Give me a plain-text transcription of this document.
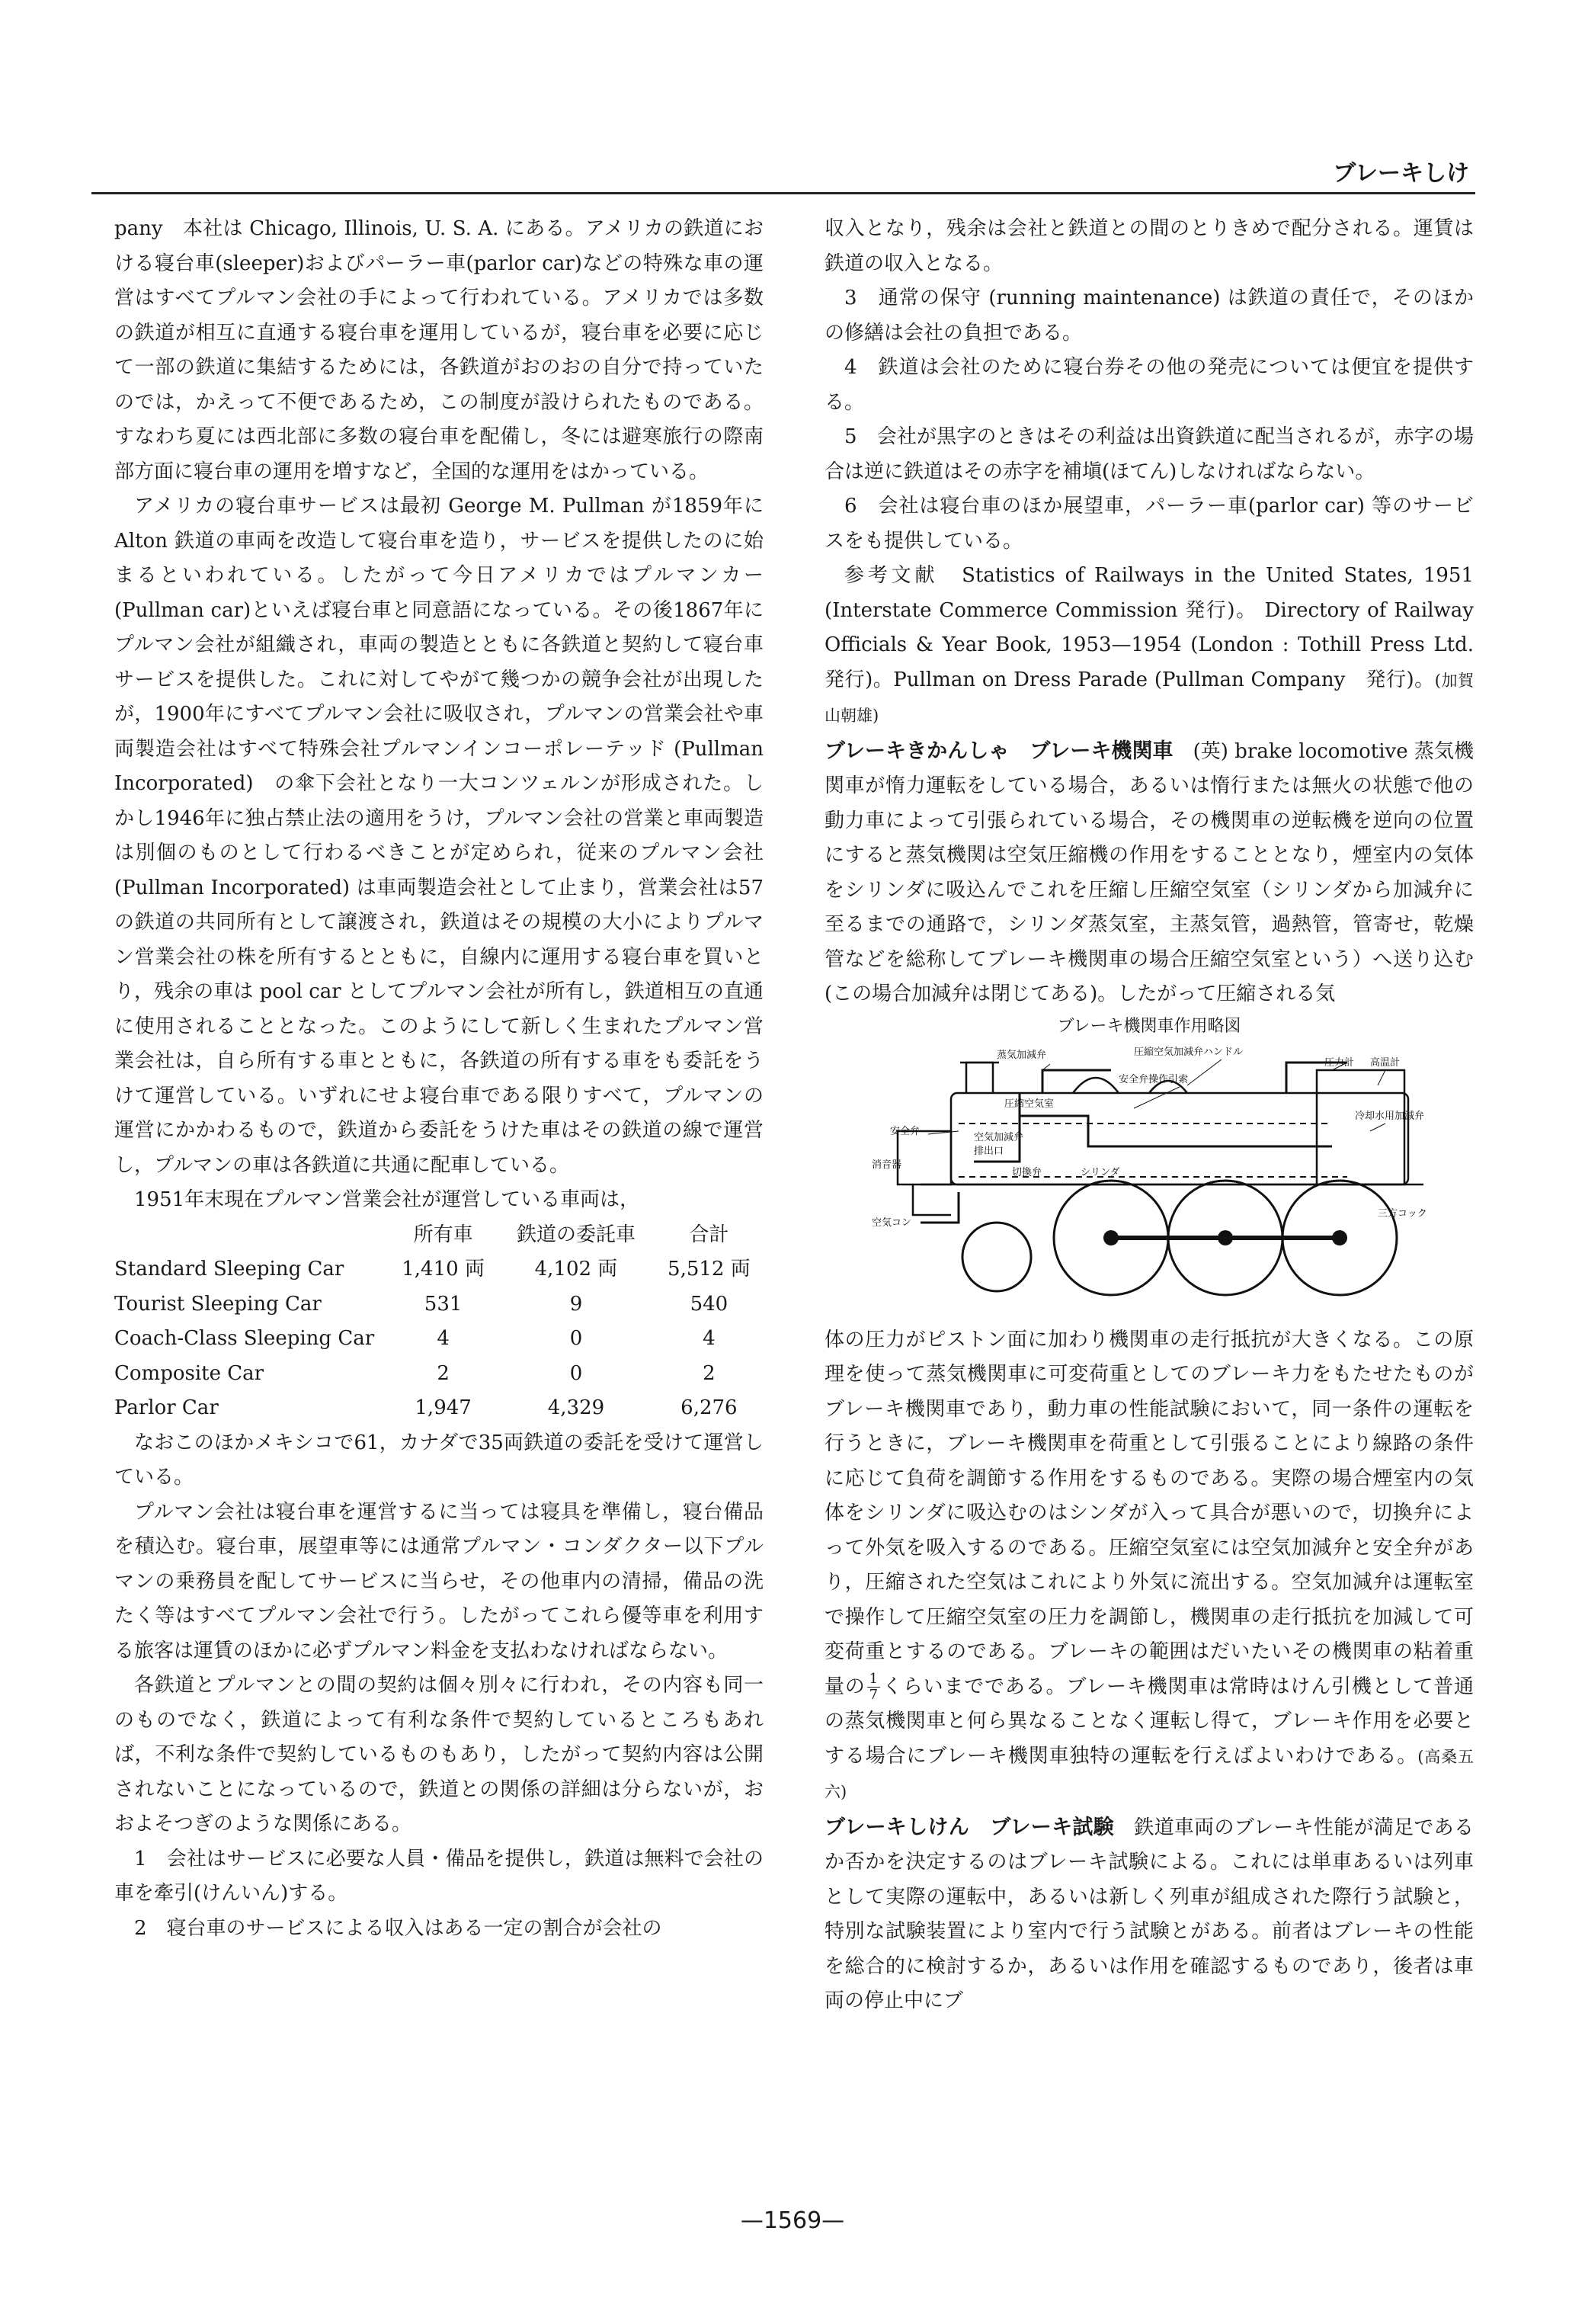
ブレーキしけ

pany　本社は Chicago, Illinois, U. S. A. にある。アメリカの鉄道における寝台車(sleeper)およびパーラー車(parlor car)などの特殊な車の運営はすべてプルマン会社の手によって行われている。アメリカでは多数の鉄道が相互に直通する寝台車を運用しているが，寝台車を必要に応じて一部の鉄道に集結するためには，各鉄道がおのおの自分で持っていたのでは，かえって不便であるため，この制度が設けられたものである。すなわち夏には西北部に多数の寝台車を配備し，冬には避寒旅行の際南部方面に寝台車の運用を増すなど，全国的な運用をはかっている。

アメリカの寝台車サービスは最初 George M. Pullman が1859年に Alton 鉄道の車両を改造して寝台車を造り，サービスを提供したのに始まるといわれている。したがって今日アメリカではプルマンカー(Pullman car)といえば寝台車と同意語になっている。その後1867年にプルマン会社が組織され，車両の製造とともに各鉄道と契約して寝台車サービスを提供した。これに対してやがて幾つかの競争会社が出現したが，1900年にすべてプルマン会社に吸収され，プルマンの営業会社や車両製造会社はすべて特殊会社プルマンインコーポレーテッド (Pullman Incorporated)　の傘下会社となり一大コンツェルンが形成された。しかし1946年に独占禁止法の適用をうけ，プルマン会社の営業と車両製造は別個のものとして行わるべきことが定められ，従来のプルマン会社 (Pullman Incorporated) は車両製造会社として止まり，営業会社は57の鉄道の共同所有として譲渡され，鉄道はその規模の大小によりプルマン営業会社の株を所有するとともに，自線内に運用する寝台車を買いとり，残余の車は pool car としてプルマン会社が所有し，鉄道相互の直通に使用されることとなった。このようにして新しく生まれたプルマン営業会社は，自ら所有する車とともに，各鉄道の所有する車をも委託をうけて運営している。いずれにせよ寝台車である限りすべて，プルマンの運営にかかわるもので，鉄道から委託をうけた車はその鉄道の線で運営し，プルマンの車は各鉄道に共通に配車している。

1951年末現在プルマン営業会社が運営している車両は，

	所有車	鉄道の委託車	合計
Standard Sleeping Car	1,410 両	4,102 両	5,512 両
Tourist Sleeping Car	531	9	540
Coach-Class Sleeping Car	4	0	4
Composite Car	2	0	2
Parlor Car	1,947	4,329	6,276

なおこのほかメキシコで61，カナダで35両鉄道の委託を受けて運営している。

プルマン会社は寝台車を運営するに当っては寝具を準備し，寝台備品を積込む。寝台車，展望車等には通常プルマン・コンダクター以下プルマンの乗務員を配してサービスに当らせ，その他車内の清掃，備品の洗たく等はすべてプルマン会社で行う。したがってこれら優等車を利用する旅客は運賃のほかに必ずプルマン料金を支払わなければならない。

各鉄道とプルマンとの間の契約は個々別々に行われ，その内容も同一のものでなく，鉄道によって有利な条件で契約しているところもあれば，不利な条件で契約しているものもあり，したがって契約内容は公開されないことになっているので，鉄道との関係の詳細は分らないが，おおよそつぎのような関係にある。

1　会社はサービスに必要な人員・備品を提供し，鉄道は無料で会社の車を牽引(けんいん)する。

2　寝台車のサービスによる収入はある一定の割合が会社の

収入となり，残余は会社と鉄道との間のとりきめで配分される。運賃は鉄道の収入となる。

3　通常の保守 (running maintenance) は鉄道の責任で，そのほかの修繕は会社の負担である。

4　鉄道は会社のために寝台券その他の発売については便宜を提供する。

5　会社が黒字のときはその利益は出資鉄道に配当されるが，赤字の場合は逆に鉄道はその赤字を補塡(ほてん)しなければならない。

6　会社は寝台車のほか展望車，パーラー車(parlor car) 等のサービスをも提供している。

参考文献　Statistics of Railways in the United States, 1951 (Interstate Commerce Commission 発行)。 Directory of Railway Officials & Year Book, 1953—1954 (London : Tothill Press Ltd. 発行)。Pullman on Dress Parade (Pullman Company　発行)。(加賀山朝雄)

ブレーキきかんしゃ　ブレーキ機関車　 (英) brake locomotive 蒸気機関車が惰力運転をしている場合，あるいは惰行または無火の状態で他の動力車によって引張られている場合，その機関車の逆転機を逆向の位置にすると蒸気機関は空気圧縮機の作用をすることとなり，煙室内の気体をシリンダに吸込んでこれを圧縮し圧縮空気室（シリンダから加減弁に至るまでの通路で，シリンダ蒸気室，主蒸気管，過熱管，管寄せ，乾燥管などを総称してブレーキ機関車の場合圧縮空気室という）へ送り込む(この場合加減弁は閉じてある)。したがって圧縮される気

ブレーキ機関車作用略図
蒸気加減弁	圧縮空気加減弁ハンドル
安全弁操作引索
圧力計 高温計
冷却水用加減弁
安全弁
圧縮空気室
空気加減弁
排出口
切換弁	シリンダ
消音器
空気コン
三方コック

体の圧力がピストン面に加わり機関車の走行抵抗が大きくなる。この原理を使って蒸気機関車に可変荷重としてのブレーキ力をもたせたものがブレーキ機関車であり，動力車の性能試験において，同一条件の運転を行うときに，ブレーキ機関車を荷重として引張ることにより線路の条件に応じて負荷を調節する作用をするものである。実際の場合煙室内の気体をシリンダに吸込むのはシンダが入って具合が悪いので，切換弁によって外気を吸入するのである。圧縮空気室には空気加減弁と安全弁があり，圧縮された空気はこれにより外気に流出する。空気加減弁は運転室で操作して圧縮空気室の圧力を調節し，機関車の走行抵抗を加減して可変荷重とするのである。ブレーキの範囲はだいたいその機関車の粘着重量の $\frac{1}{7}$ くらいまでである。ブレーキ機関車は常時はけん引機として普通の蒸気機関車と何ら異なることなく運転し得て，ブレーキ作用を必要とする場合にブレーキ機関車独特の運転を行えばよいわけである。(高桑五六)

ブレーキしけん　ブレーキ試験　 鉄道車両のブレーキ性能が満足であるか否かを決定するのはブレーキ試験による。これには単車あるいは列車として実際の運転中，あるいは新しく列車が組成された際行う試験と，特別な試験装置により室内で行う試験とがある。前者はブレーキの性能を総合的に検討するか，あるいは作用を確認するものであり，後者は車両の停止中にブ

—1569—
